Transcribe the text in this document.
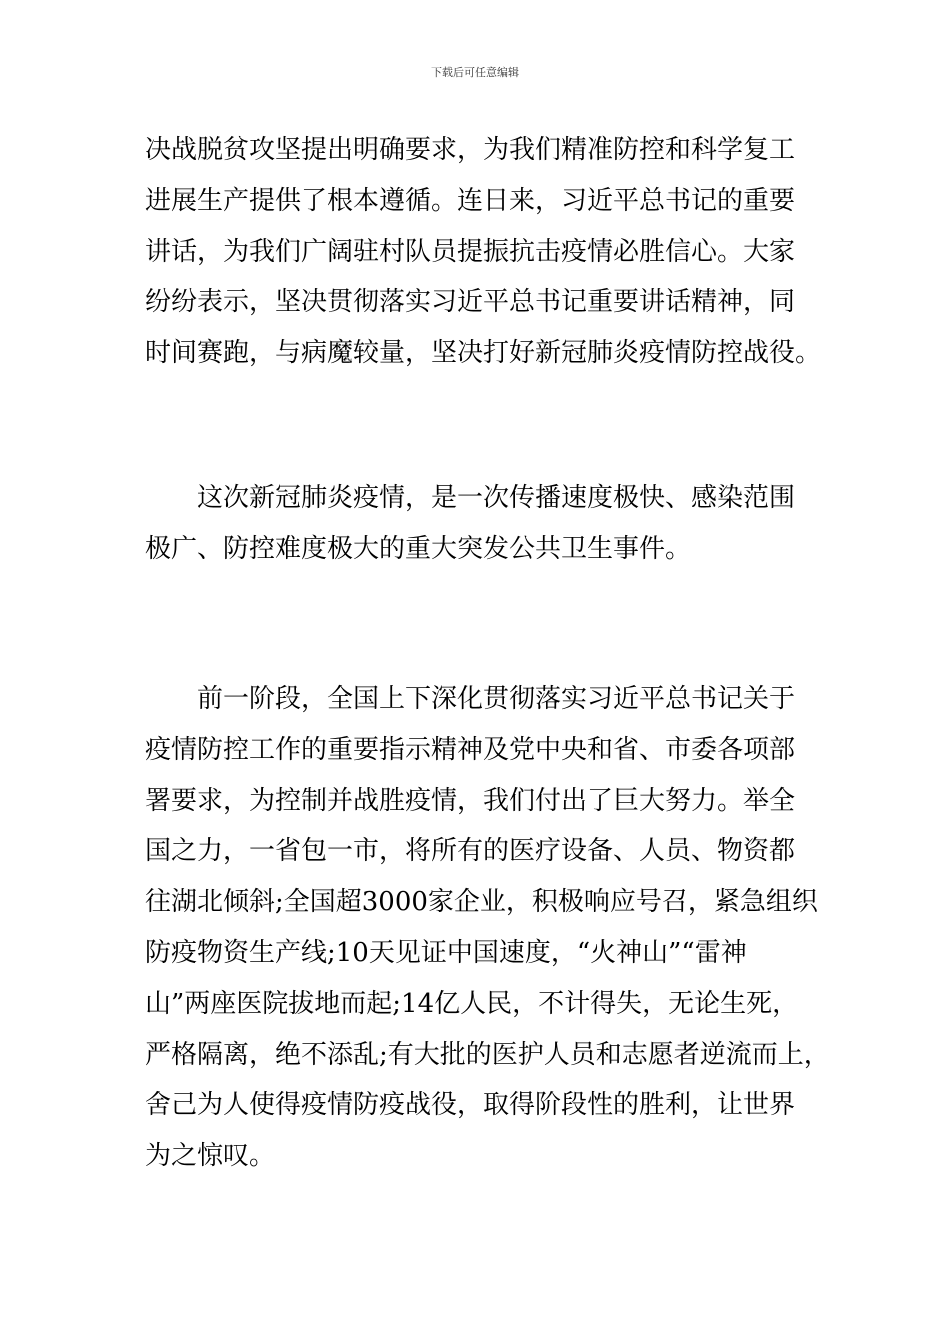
下载后可任意编辑
决战脱贫攻坚提出明确要求，为我们精准防控和科学复工
进展生产提供了根本遵循。连日来，习近平总书记的重要
讲话，为我们广阔驻村队员提振抗击疫情必胜信心。大家
纷纷表示，坚决贯彻落实习近平总书记重要讲话精神，同
时间赛跑，与病魔较量，坚决打好新冠肺炎疫情防控战役。
这次新冠肺炎疫情，是一次传播速度极快、感染范围
极广、防控难度极大的重大突发公共卫生事件。
前一阶段，全国上下深化贯彻落实习近平总书记关于
疫情防控工作的重要指示精神及党中央和省、市委各项部
署要求，为控制并战胜疫情，我们付出了巨大努力。举全
国之力，一省包一市，将所有的医疗设备、人员、物资都
往湖北倾斜;全国超3000家企业，积极响应号召，紧急组织
防疫物资生产线;10天见证中国速度，“火神山”“雷神
山”两座医院拔地而起;14亿人民，不计得失，无论生死，
严格隔离，绝不添乱;有大批的医护人员和志愿者逆流而上，
舍己为人使得疫情防疫战役，取得阶段性的胜利，让世界
为之惊叹。
